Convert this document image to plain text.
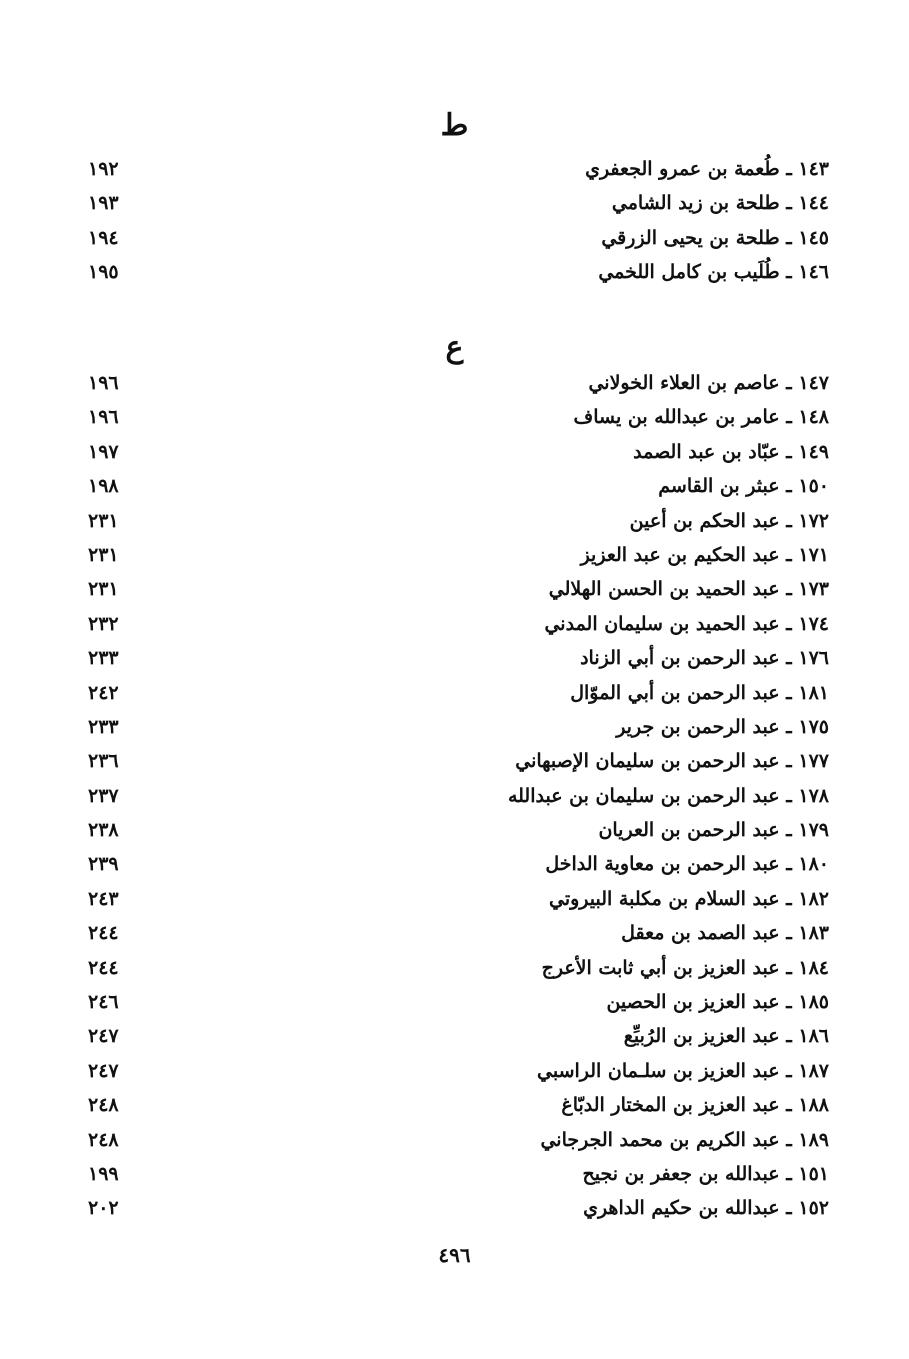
ط
١٤٣ ـ طُعمة بن عمرو الجعفري
١٩٢
١٤٤ ـ طلحة بن زيد الشامي
١٩٣
١٤٥ ـ طلحة بن يحيى الزرقي
١٩٤
١٤٦ ـ طُلَيب بن كامل اللخمي
١٩٥
ع
١٤٧ ـ عاصم بن العلاء الخولاني
١٩٦
١٤٨ ـ عامر بن عبدالله بن يساف
١٩٦
١٤٩ ـ عبّاد بن عبد الصمد
١٩٧
١٥٠ ـ عبثر بن القاسم
١٩٨
١٧٢ ـ عبد الحكم بن أعين
٢٣١
١٧١ ـ عبد الحكيم بن عبد العزيز
٢٣١
١٧٣ ـ عبد الحميد بن الحسن الهلالي
٢٣١
١٧٤ ـ عبد الحميد بن سليمان المدني
٢٣٢
١٧٦ ـ عبد الرحمن بن أبي الزناد
٢٣٣
١٨١ ـ عبد الرحمن بن أبي الموّال
٢٤٢
١٧٥ ـ عبد الرحمن بن جرير
٢٣٣
١٧٧ ـ عبد الرحمن بن سليمان الإصبهاني
٢٣٦
١٧٨ ـ عبد الرحمن بن سليمان بن عبدالله
٢٣٧
١٧٩ ـ عبد الرحمن بن العريان
٢٣٨
١٨٠ ـ عبد الرحمن بن معاوية الداخل
٢٣٩
١٨٢ ـ عبد السلام بن مكلبة البيروتي
٢٤٣
١٨٣ ـ عبد الصمد بن معقل
٢٤٤
١٨٤ ـ عبد العزيز بن أبي ثابت الأعرج
٢٤٤
١٨٥ ـ عبد العزيز بن الحصين
٢٤٦
١٨٦ ـ عبد العزيز بن الرُبيِّع
٢٤٧
١٨٧ ـ عبد العزيز بن سلـمان الراسبي
٢٤٧
١٨٨ ـ عبد العزيز بن المختار الدبّاغ
٢٤٨
١٨٩ ـ عبد الكريم بن محمد الجرجاني
٢٤٨
١٥١ ـ عبدالله بن جعفر بن نجيح
١٩٩
١٥٢ ـ عبدالله بن حكيم الداهري
٢٠٢
٤٩٦
